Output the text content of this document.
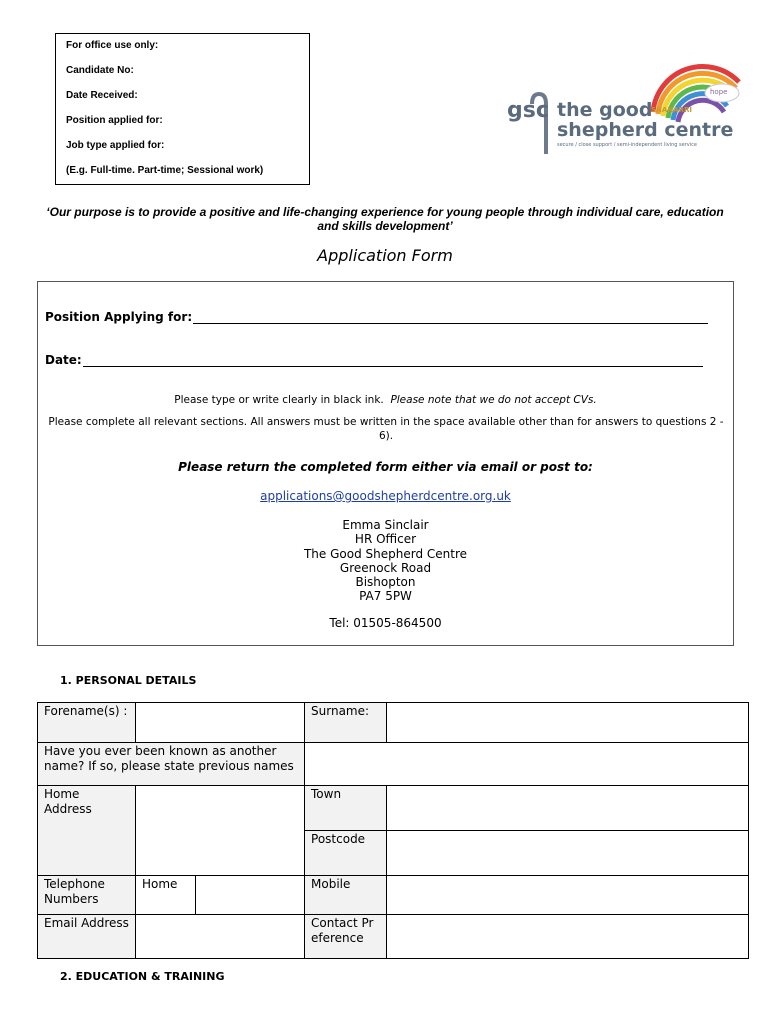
For office use only:
Candidate No:
Date Received:
Position applied for:
Job type applied for:
(E.g. Full-time. Part-time; Sessional work)
gsc the good
shepherd centre
secure / close support / semi-independent living service
SHANARRI
hope
‘Our purpose is to provide a positive and life-changing experience for young people through individual care, education and skills development’
Application Form
Position Applying for:
Date:
Please type or write clearly in black ink. Please note that we do not accept CVs.
Please complete all relevant sections. All answers must be written in the space available other than for answers to questions 2 - 6).
Please return the completed form either via email or post to:
applications@goodshepherdcentre.org.uk
Emma Sinclair
HR Officer
The Good Shepherd Centre
Greenock Road
Bishopton
PA7 5PW
Tel: 01505-864500
1. PERSONAL DETAILS
Forename(s) :			Surname:	
Have you ever been known as another name? If so, please state previous names				
Home Address			Town	
			Postcode	
Telephone Numbers	Home		Mobile	
Email Address			Contact Preference	
2. EDUCATION & TRAINING
